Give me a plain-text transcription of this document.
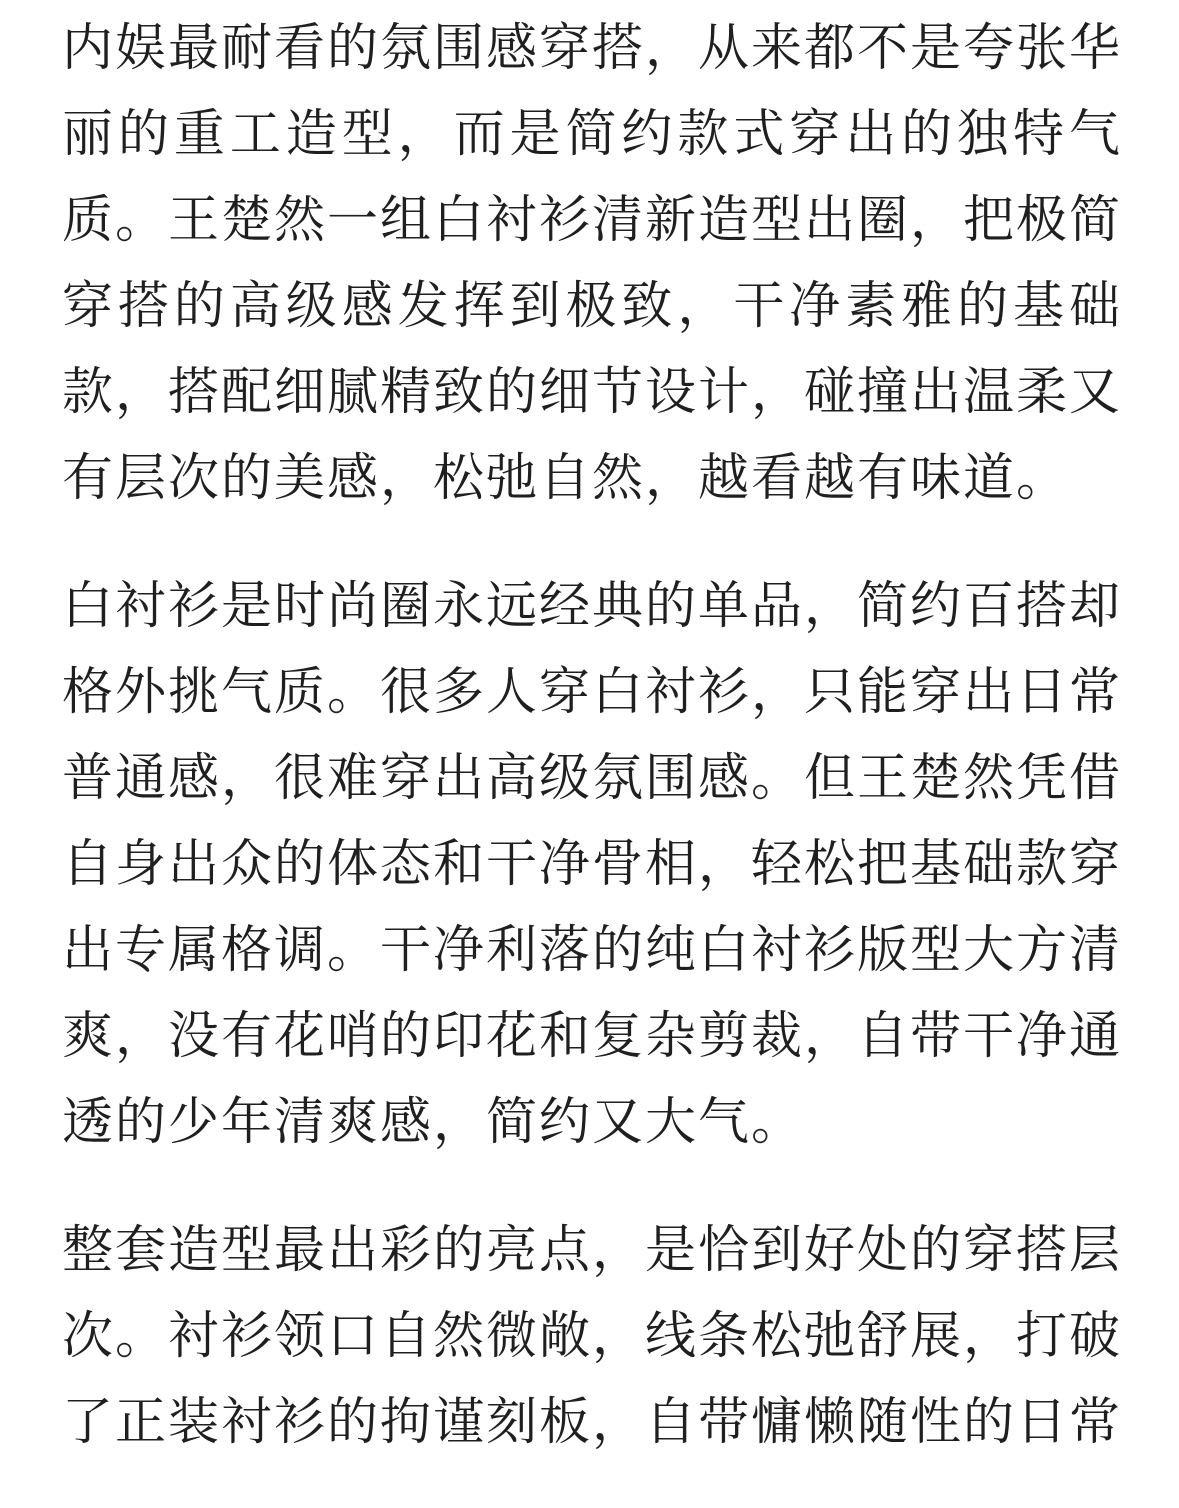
内娱最耐看的氛围感穿搭，从来都不是夸张华丽的重工造型，而是简约款式穿出的独特气质。王楚然一组白衬衫清新造型出圈，把极简穿搭的高级感发挥到极致，干净素雅的基础款，搭配细腻精致的细节设计，碰撞出温柔又有层次的美感，松弛自然，越看越有味道。

白衬衫是时尚圈永远经典的单品，简约百搭却格外挑气质。很多人穿白衬衫，只能穿出日常普通感，很难穿出高级氛围感。但王楚然凭借自身出众的体态和干净骨相，轻松把基础款穿出专属格调。干净利落的纯白衬衫版型大方清爽，没有花哨的印花和复杂剪裁，自带干净通透的少年清爽感，简约又大气。

整套造型最出彩的亮点，是恰到好处的穿搭层次。衬衫领口自然微敞，线条松弛舒展，打破了正装衬衫的拘谨刻板，自带慵懒随性的日常
